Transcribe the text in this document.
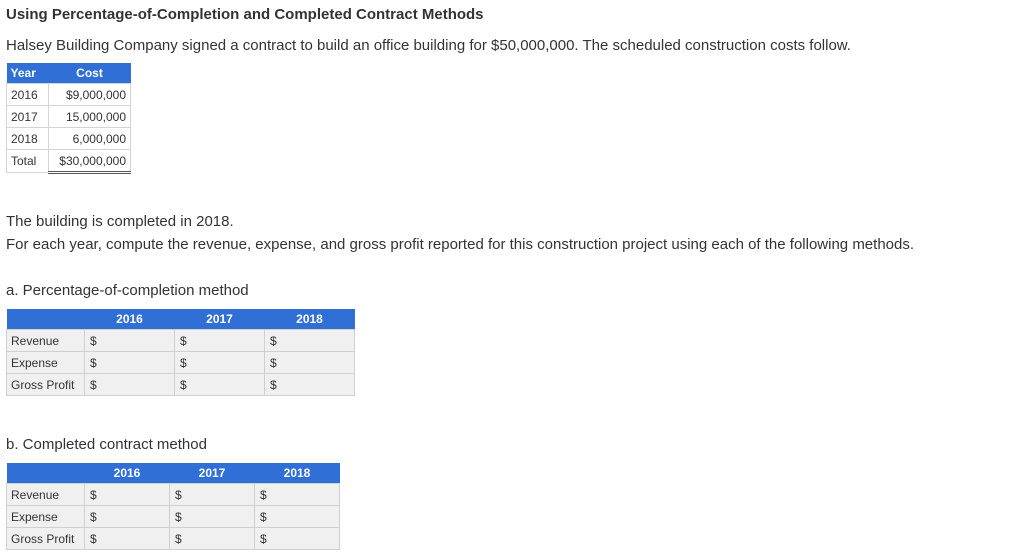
Using Percentage-of-Completion and Completed Contract Methods
Halsey Building Company signed a contract to build an office building for $50,000,000. The scheduled construction costs follow.
Year	Cost
2016	$9,000,000
2017	15,000,000
2018	6,000,000
Total	$30,000,000
The building is completed in 2018.
For each year, compute the revenue, expense, and gross profit reported for this construction project using each of the following methods.
a. Percentage-of-completion method
	2016	2017	2018
Revenue	$	$	$
Expense	$	$	$
Gross Profit	$	$	$
b. Completed contract method
	2016	2017	2018
Revenue	$	$	$
Expense	$	$	$
Gross Profit	$	$	$
